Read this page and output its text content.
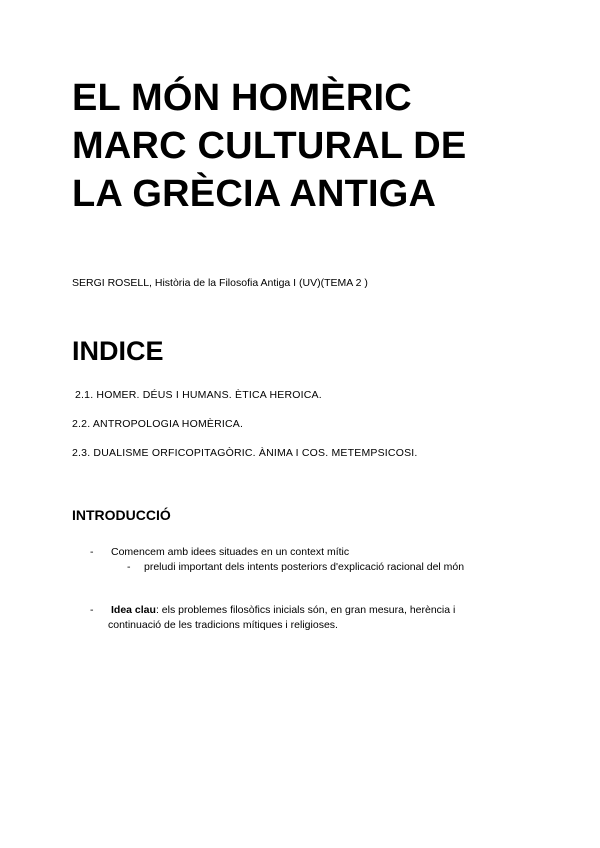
EL MÓN HOMÈRIC
MARC CULTURAL DE
LA GRÈCIA ANTIGA
SERGI ROSELL, Història de la Filosofia Antiga I (UV)(TEMA 2 )
INDICE
2.1. HOMER. DÉUS I HUMANS. ÈTICA HEROICA.
2.2. ANTROPOLOGIA HOMÈRICA.
2.3. DUALISME ORFICOPITAGÒRIC. ÀNIMA I COS. METEMPSICOSI.
INTRODUCCIÓ
- Comencem amb idees situades en un context mític
- preludi important dels intents posteriors d'explicació racional del món
- Idea clau: els problemes filosòfics inicials són, en gran mesura, herència i
continuació de les tradicions mítiques i religioses.
